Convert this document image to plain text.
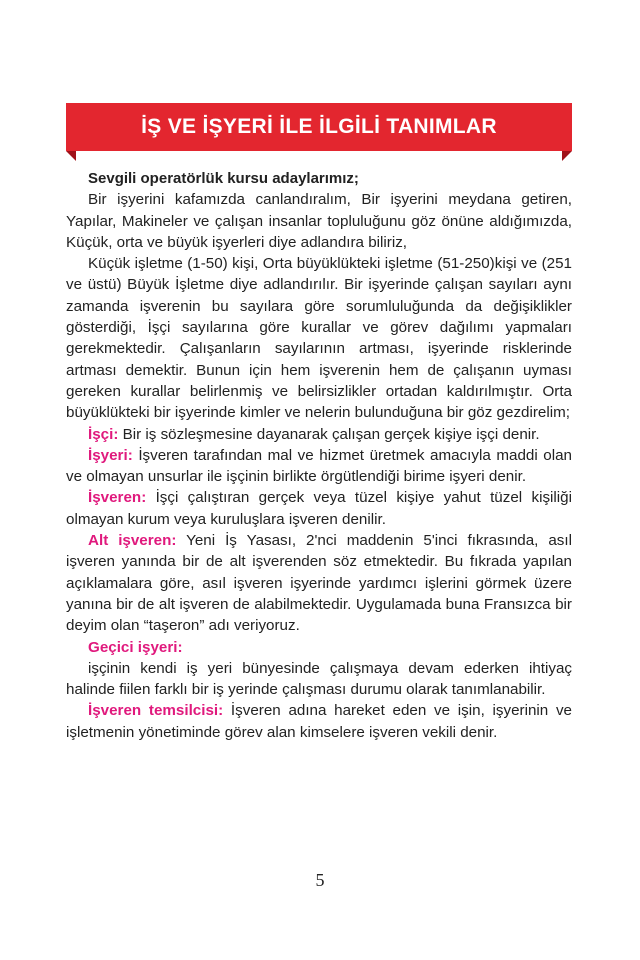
İŞ VE İŞYERİ İLE İLGİLİ TANIMLAR

Sevgili operatörlük kursu adaylarımız;

Bir işyerini kafamızda canlandıralım, Bir işyerini meydana getiren, Yapılar, Makineler ve çalışan insanlar topluluğunu göz önüne aldığımızda, Küçük, orta ve büyük işyerleri diye adlandıra biliriz,

Küçük işletme (1-50) kişi, Orta büyüklükteki işletme (51-250)kişi ve (251 ve üstü) Büyük İşletme diye adlandırılır. Bir işyerinde çalışan sayıları aynı zamanda işverenin bu sayılara göre sorumluluğunda da değişiklikler gösterdiği, İşçi sayılarına göre kurallar ve görev dağılımı yapmaları gerekmektedir. Çalışanların sayılarının artması, işyerinde risklerinde artması demektir. Bunun için hem işverenin hem de çalışanın uyması gereken kurallar belirlenmiş ve belirsizlikler ortadan kaldırılmıştır. Orta büyüklükteki bir işyerinde kimler ve nelerin bulunduğuna bir göz gezdirelim;

İşçi: Bir iş sözleşmesine dayanarak çalışan gerçek kişiye işçi denir.

İşyeri: İşveren tarafından mal ve hizmet üretmek amacıyla maddi olan ve olmayan unsurlar ile işçinin birlikte örgütlendiği birime işyeri denir.

İşveren: İşçi çalıştıran gerçek veya tüzel kişiye yahut tüzel kişiliği olmayan kurum veya kuruluşlara işveren denilir.

Alt işveren: Yeni İş Yasası, 2'nci maddenin 5'inci fıkrasında, asıl işveren yanında bir de alt işverenden söz etmektedir. Bu fıkrada yapılan açıklamalara göre, asıl işveren işyerinde yardımcı işlerini görmek üzere yanına bir de alt işveren de alabilmektedir. Uygulamada buna Fransızca bir deyim olan “taşeron” adı veriyoruz.

Geçici işyeri:

işçinin kendi iş yeri bünyesinde çalışmaya devam ederken ihtiyaç halinde fiilen farklı bir iş yerinde çalışması durumu olarak tanımlanabilir.

İşveren temsilcisi: İşveren adına hareket eden ve işin, işyerinin ve işletmenin yönetiminde görev alan kimselere işveren vekili denir.

5
